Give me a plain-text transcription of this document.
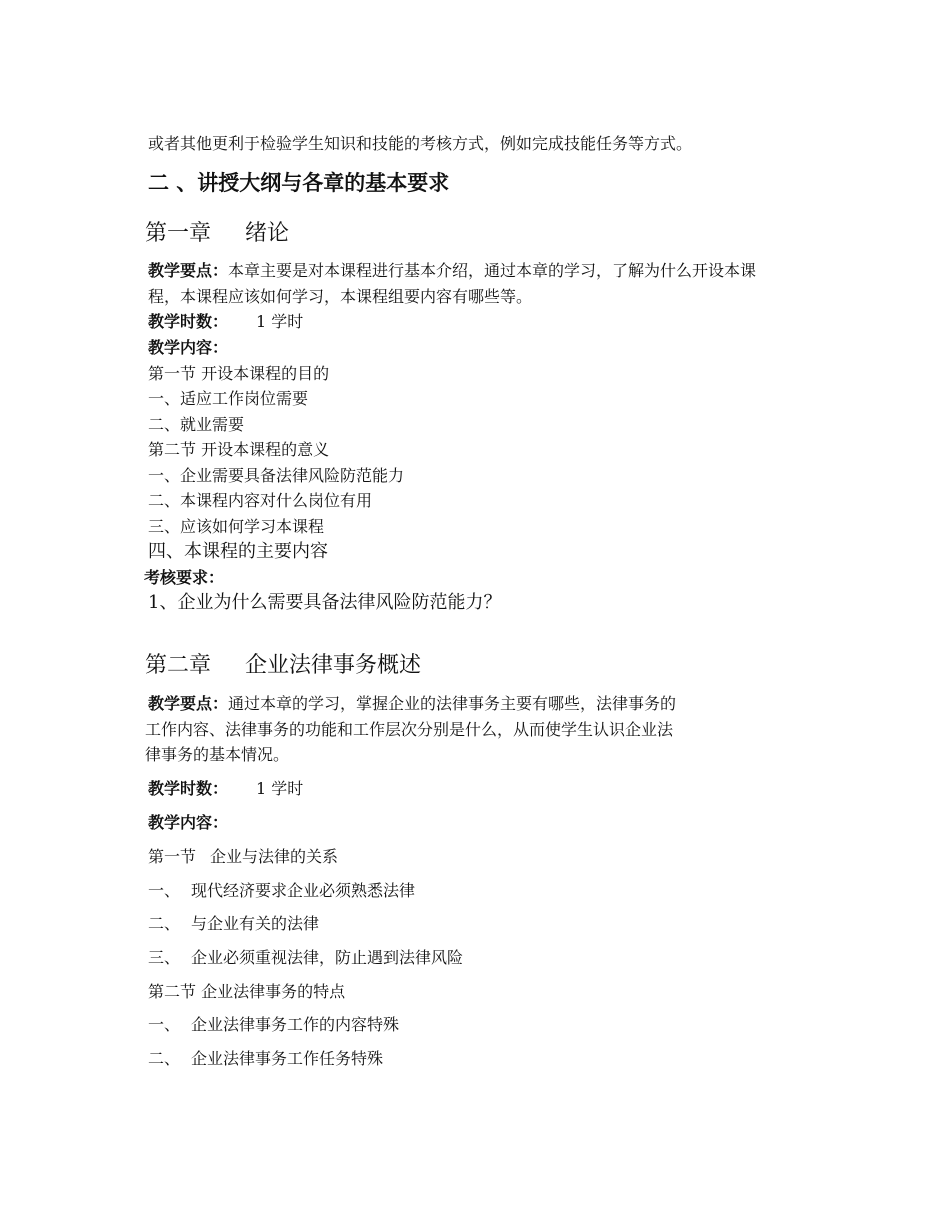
或者其他更利于检验学生知识和技能的考核方式，例如完成技能任务等方式。
二 、讲授大纲与各章的基本要求
第一章 绪论
教学要点：本章主要是对本课程进行基本介绍，通过本章的学习，了解为什么开设本课
程，本课程应该如何学习，本课程组要内容有哪些等。
教学时数： 1 学时
教学内容：
第一节 开设本课程的目的
一、适应工作岗位需要
二、就业需要
第二节 开设本课程的意义
一、企业需要具备法律风险防范能力
二、本课程内容对什么岗位有用
三、应该如何学习本课程
四、本课程的主要内容
考核要求：
1、企业为什么需要具备法律风险防范能力？
第二章 企业法律事务概述
教学要点：通过本章的学习，掌握企业的法律事务主要有哪些，法律事务的
工作内容、法律事务的功能和工作层次分别是什么，从而使学生认识企业法
律事务的基本情况。
教学时数： 1 学时
教学内容：
第一节 企业与法律的关系
一、 现代经济要求企业必须熟悉法律
二、 与企业有关的法律
三、 企业必须重视法律，防止遇到法律风险
第二节 企业法律事务的特点
一、 企业法律事务工作的内容特殊
二、 企业法律事务工作任务特殊
